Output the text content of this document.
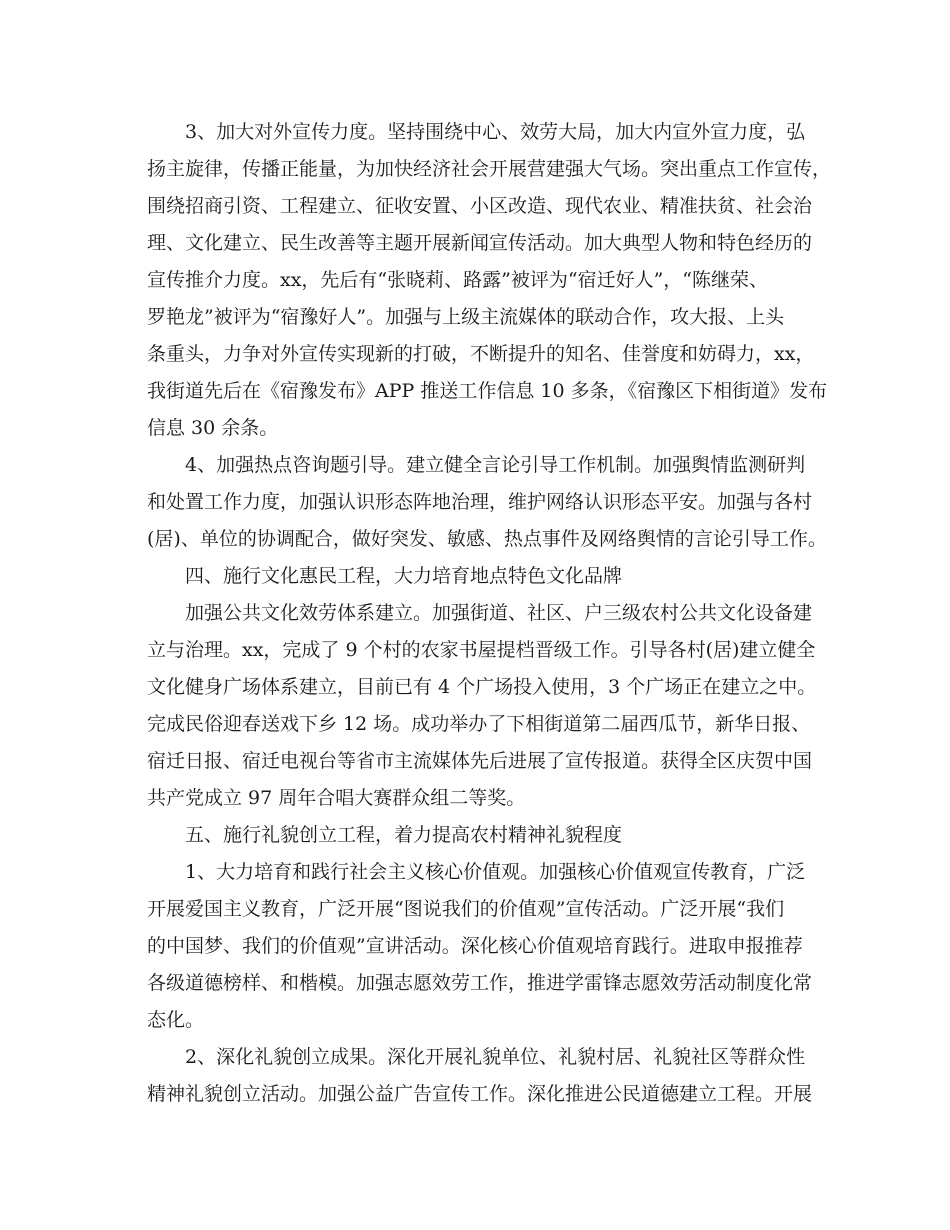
3、加大对外宣传力度。坚持围绕中心、效劳大局，加大内宣外宣力度，弘
扬主旋律，传播正能量，为加快经济社会开展营建强大气场。突出重点工作宣传，
围绕招商引资、工程建立、征收安置、小区改造、现代农业、精准扶贫、社会治
理、文化建立、民生改善等主题开展新闻宣传活动。加大典型人物和特色经历的
宣传推介力度。xx，先后有“张晓莉、路露”被评为“宿迁好人”，“陈继荣、
罗艳龙”被评为“宿豫好人”。加强与上级主流媒体的联动合作，攻大报、上头
条重头，力争对外宣传实现新的打破，不断提升的知名、佳誉度和妨碍力，xx，
我街道先后在《宿豫发布》APP 推送工作信息 10 多条，《宿豫区下相街道》发布
信息 30 余条。
4、加强热点咨询题引导。建立健全言论引导工作机制。加强舆情监测研判
和处置工作力度，加强认识形态阵地治理，维护网络认识形态平安。加强与各村
(居)、单位的协调配合，做好突发、敏感、热点事件及网络舆情的言论引导工作。
四、施行文化惠民工程，大力培育地点特色文化品牌
加强公共文化效劳体系建立。加强街道、社区、户三级农村公共文化设备建
立与治理。xx，完成了 9 个村的农家书屋提档晋级工作。引导各村(居)建立健全
文化健身广场体系建立，目前已有 4 个广场投入使用，3 个广场正在建立之中。
完成民俗迎春送戏下乡 12 场。成功举办了下相街道第二届西瓜节，新华日报、
宿迁日报、宿迁电视台等省市主流媒体先后进展了宣传报道。获得全区庆贺中国
共产党成立 97 周年合唱大赛群众组二等奖。
五、施行礼貌创立工程，着力提高农村精神礼貌程度
1、大力培育和践行社会主义核心价值观。加强核心价值观宣传教育，广泛
开展爱国主义教育，广泛开展“图说我们的价值观”宣传活动。广泛开展“我们
的中国梦、我们的价值观”宣讲活动。深化核心价值观培育践行。进取申报推荐
各级道德榜样、和楷模。加强志愿效劳工作，推进学雷锋志愿效劳活动制度化常
态化。
2、深化礼貌创立成果。深化开展礼貌单位、礼貌村居、礼貌社区等群众性
精神礼貌创立活动。加强公益广告宣传工作。深化推进公民道德建立工程。开展
